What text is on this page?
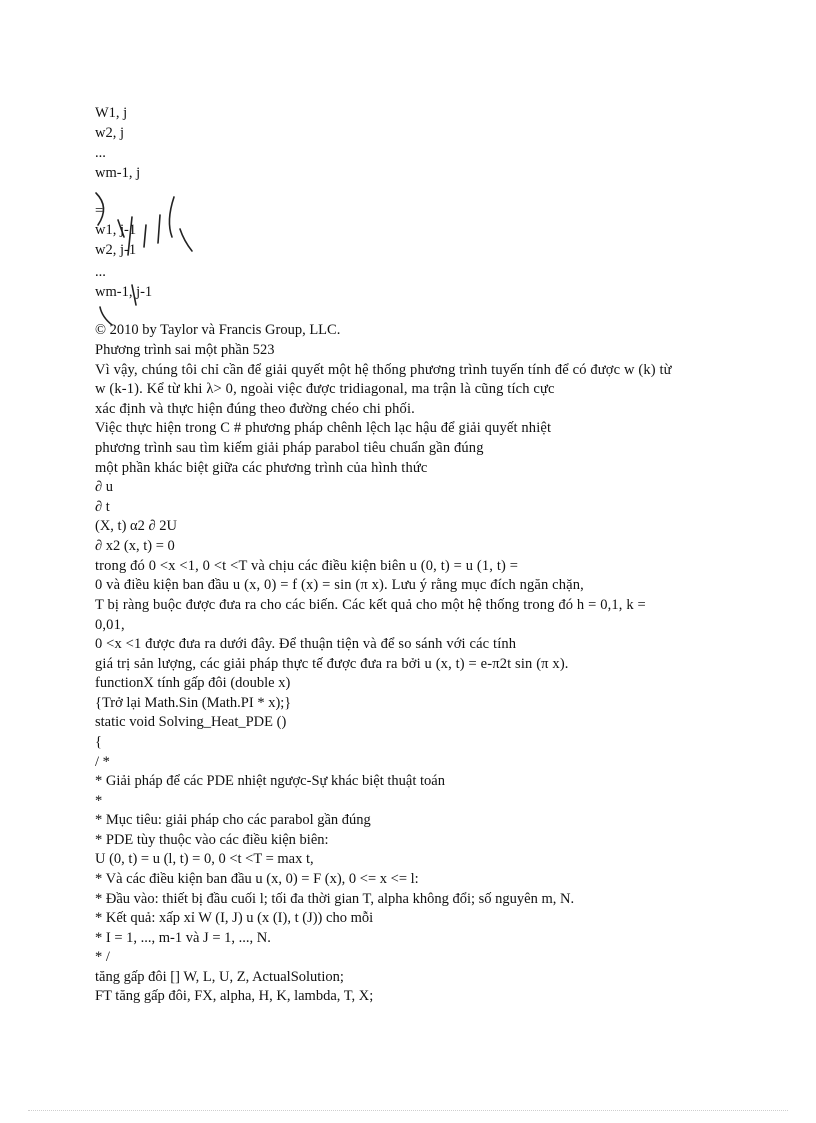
W1, j
w2, j
...
wm-1, j
=
w1, j-1
w2, j-1
...
wm-1, j-1
© 2010 by Taylor và Francis Group, LLC.
Phương trình sai một phần 523
Vì vậy, chúng tôi chỉ cần để giải quyết một hệ thống phương trình tuyến tính để có được w (k) từ
w (k-1). Kể từ khi λ> 0, ngoài việc được tridiagonal, ma trận là cũng tích cực
xác định và thực hiện đúng theo đường chéo chi phối.
Việc thực hiện trong C # phương pháp chênh lệch lạc hậu để giải quyết nhiệt
phương trình sau tìm kiếm giải pháp parabol tiêu chuẩn gần đúng
một phần khác biệt giữa các phương trình của hình thức
∂ u
∂ t
(X, t) α2 ∂ 2U
∂ x2 (x, t) = 0
trong đó 0 <x <1, 0 <t <T và chịu các điều kiện biên u (0, t) = u (1, t) =
0 và điều kiện ban đầu u (x, 0) = f (x) = sin (π x). Lưu ý rằng mục đích ngăn chặn,
T bị ràng buộc được đưa ra cho các biến. Các kết quả cho một hệ thống trong đó h = 0,1, k =
0,01,
0 <x <1 được đưa ra dưới đây. Để thuận tiện và để so sánh với các tính
giá trị sản lượng, các giải pháp thực tế được đưa ra bởi u (x, t) = e-π2t sin (π x).
functionX tính gấp đôi (double x)
{Trở lại Math.Sin (Math.PI * x);}
static void Solving_Heat_PDE ()
{
/ *
* Giải pháp để các PDE nhiệt ngược-Sự khác biệt thuật toán
*
* Mục tiêu: giải pháp cho các parabol gần đúng
* PDE tùy thuộc vào các điều kiện biên:
U (0, t) = u (l, t) = 0, 0 <t <T = max t,
* Và các điều kiện ban đầu u (x, 0) = F (x), 0 <= x <= l:
* Đầu vào: thiết bị đầu cuối l; tối đa thời gian T, alpha không đổi; số nguyên m, N.
* Kết quả: xấp xỉ W (I, J) u (x (I), t (J)) cho mỗi
* I = 1, ..., m-1 và J = 1, ..., N.
* /
tăng gấp đôi [] W, L, U, Z, ActualSolution;
FT tăng gấp đôi, FX, alpha, H, K, lambda, T, X;
